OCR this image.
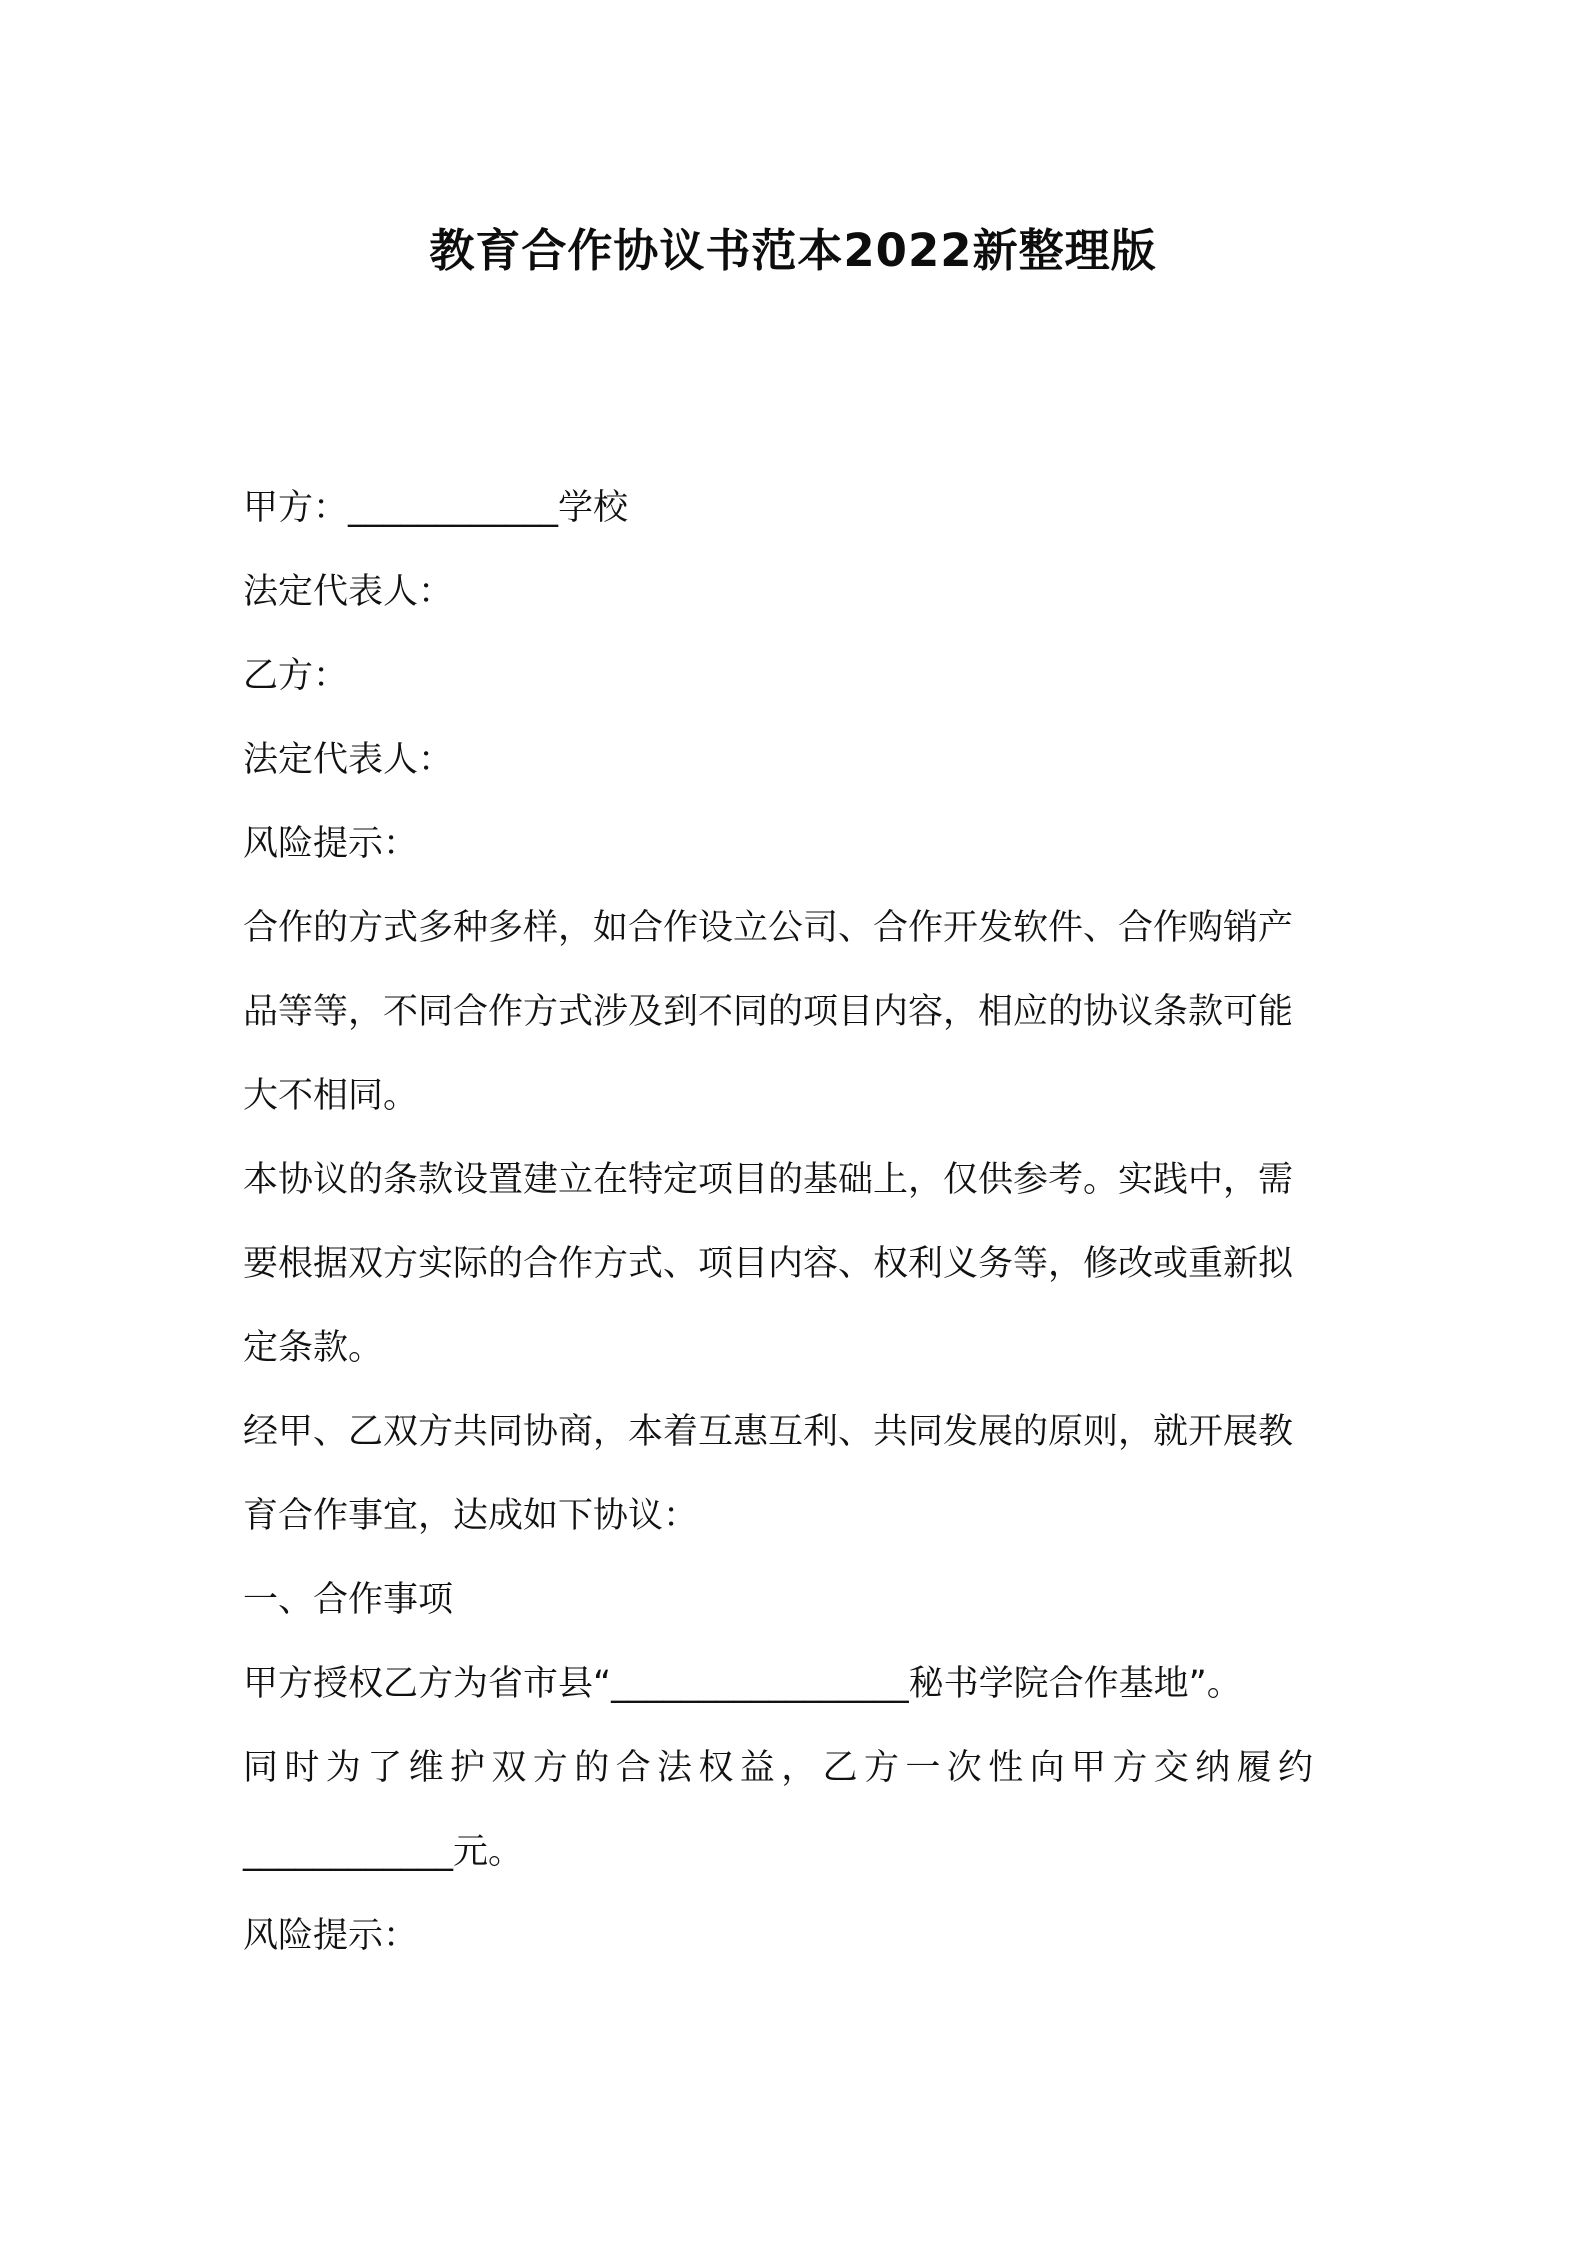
教育合作协议书范本2022新整理版
甲方：____________学校
法定代表人：
乙方：
法定代表人：
风险提示：
合作的方式多种多样，如合作设立公司、合作开发软件、合作购销产
品等等，不同合作方式涉及到不同的项目内容，相应的协议条款可能
大不相同。
本协议的条款设置建立在特定项目的基础上，仅供参考。实践中，需
要根据双方实际的合作方式、项目内容、权利义务等，修改或重新拟
定条款。
经甲、乙双方共同协商，本着互惠互利、共同发展的原则，就开展教
育合作事宜，达成如下协议：
一、合作事项
甲方授权乙方为省市县“_________________秘书学院合作基地”。
同时为了维护双方的合法权益，乙方一次性向甲方交纳履约
____________元。
风险提示：
